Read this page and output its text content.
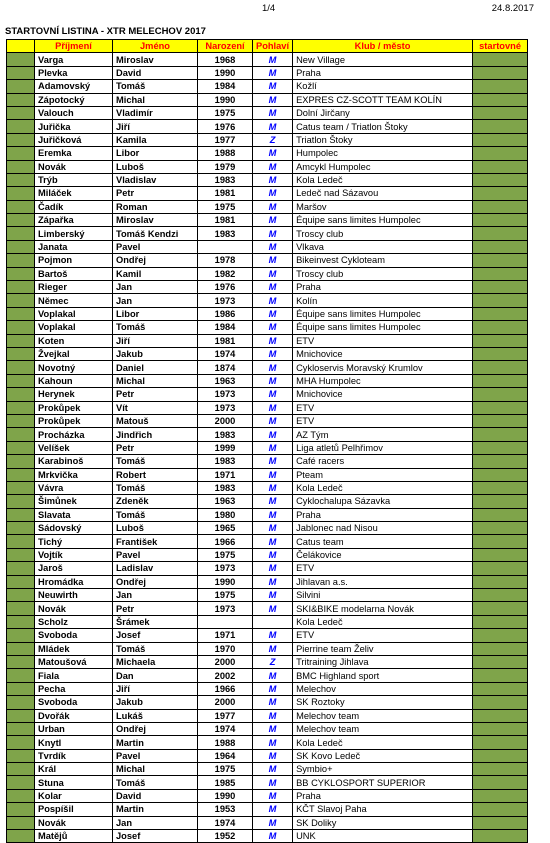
1/4	24.8.2017
STARTOVNÍ LISTINA - XTR MELECHOV 2017
	Příjmení	Jméno	Narození	Pohlaví	Klub / město	startovné
	Varga	Miroslav	1968	M	New Village	
	Plevka	David	1990	M	Praha	
	Adamovský	Tomáš	1984	M	Kožlí	
	Zápotocký	Michal	1990	M	EXPRES CZ-SCOTT TEAM KOLÍN	
	Valouch	Vladimír	1975	M	Dolní Jirčany	
	Juřička	Jiří	1976	M	Catus team / Triatlon Štoky	
	Juřičková	Kamila	1977	Z	Triatlon Štoky	
	Eremka	Libor	1988	M	Humpolec	
	Novák	Luboš	1979	M	Amcykl Humpolec	
	Trýb	Vladislav	1983	M	Kola Ledeč	
	Miláček	Petr	1981	M	Ledeč nad Sázavou	
	Čadík	Roman	1975	M	Maršov	
	Zápařka	Miroslav	1981	M	Équipe sans limites Humpolec	
	Limberský	Tomáš Kendzi	1983	M	Troscy club	
	Janata	Pavel		M	Vlkava	
	Pojmon	Ondřej	1978	M	Bikeinvest Cykloteam	
	Bartoš	Kamil	1982	M	Troscy club	
	Rieger	Jan	1976	M	Praha	
	Němec	Jan	1973	M	Kolín	
	Voplakal	Libor	1986	M	Équipe sans limites Humpolec	
	Voplakal	Tomáš	1984	M	Équipe sans limites Humpolec	
	Koten	Jiří	1981	M	ETV	
	Žvejkal	Jakub	1974	M	Mnichovice	
	Novotný	Daniel	1874	M	Cykloservis Moravský Krumlov	
	Kahoun	Michal	1963	M	MHA Humpolec	
	Herynek	Petr	1973	M	Mnichovice	
	Prokůpek	Vít	1973	M	ETV	
	Prokůpek	Matouš	2000	M	ETV	
	Procházka	Jindřich	1983	M	AZ Tým	
	Velíšek	Petr	1999	M	Liga atletů Pelhřimov	
	Karabinoš	Tomáš	1983	M	Café racers	
	Mrkvička	Robert	1971	M	Pteam	
	Vávra	Tomáš	1983	M	Kola Ledeč	
	Šimůnek	Zdeněk	1963	M	Cyklochalupa Sázavka	
	Slavata	Tomáš	1980	M	Praha	
	Sádovský	Luboš	1965	M	Jablonec nad Nisou	
	Tichý	František	1966	M	Catus team	
	Vojtík	Pavel	1975	M	Čelákovice	
	Jaroš	Ladislav	1973	M	ETV	
	Hromádka	Ondřej	1990	M	Jihlavan a.s.	
	Neuwirth	Jan	1975	M	Silvini	
	Novák	Petr	1973	M	SKI&BIKE modelarna Novák	
	Scholz	Šrámek			Kola Ledeč	
	Svoboda	Josef	1971	M	ETV	
	Mládek	Tomáš	1970	M	Pierrine team Želiv	
	Matoušová	Michaela	2000	Z	Tritraining Jihlava	
	Fiala	Dan	2002	M	BMC Highland sport	
	Pecha	Jiří	1966	M	Melechov	
	Svoboda	Jakub	2000	M	SK Roztoky	
	Dvořák	Lukáš	1977	M	Melechov team	
	Urban	Ondřej	1974	M	Melechov team	
	Knytl	Martin	1988	M	Kola Ledeč	
	Tvrdík	Pavel	1964	M	SK Kovo Ledeč	
	Král	Michal	1975	M	Symbio+	
	Stuna	Tomáš	1985	M	BB CYKLOSPORT SUPERIOR	
	Kolar	David	1990	M	Praha	
	Pospíšil	Martin	1953	M	KČT Slavoj Paha	
	Novák	Jan	1974	M	SK Doliky	
	Matějů	Josef	1952	M	UNK	
